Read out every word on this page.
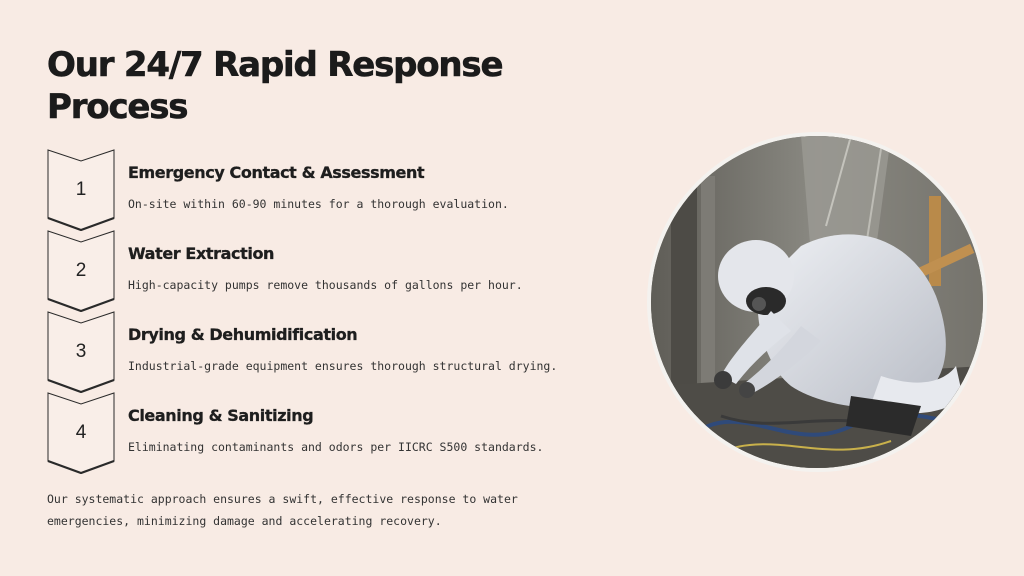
Our 24/7 Rapid Response Process
1
Emergency Contact & Assessment

On-site within 60-90 minutes for a thorough evaluation.

2
Water Extraction

High-capacity pumps remove thousands of gallons per hour.

3
Drying & Dehumidification

Industrial-grade equipment ensures thorough structural drying.

4
Cleaning & Sanitizing

Eliminating contaminants and odors per IICRC S500 standards.

Our systematic approach ensures a swift, effective response to water emergencies, minimizing damage and accelerating recovery.
